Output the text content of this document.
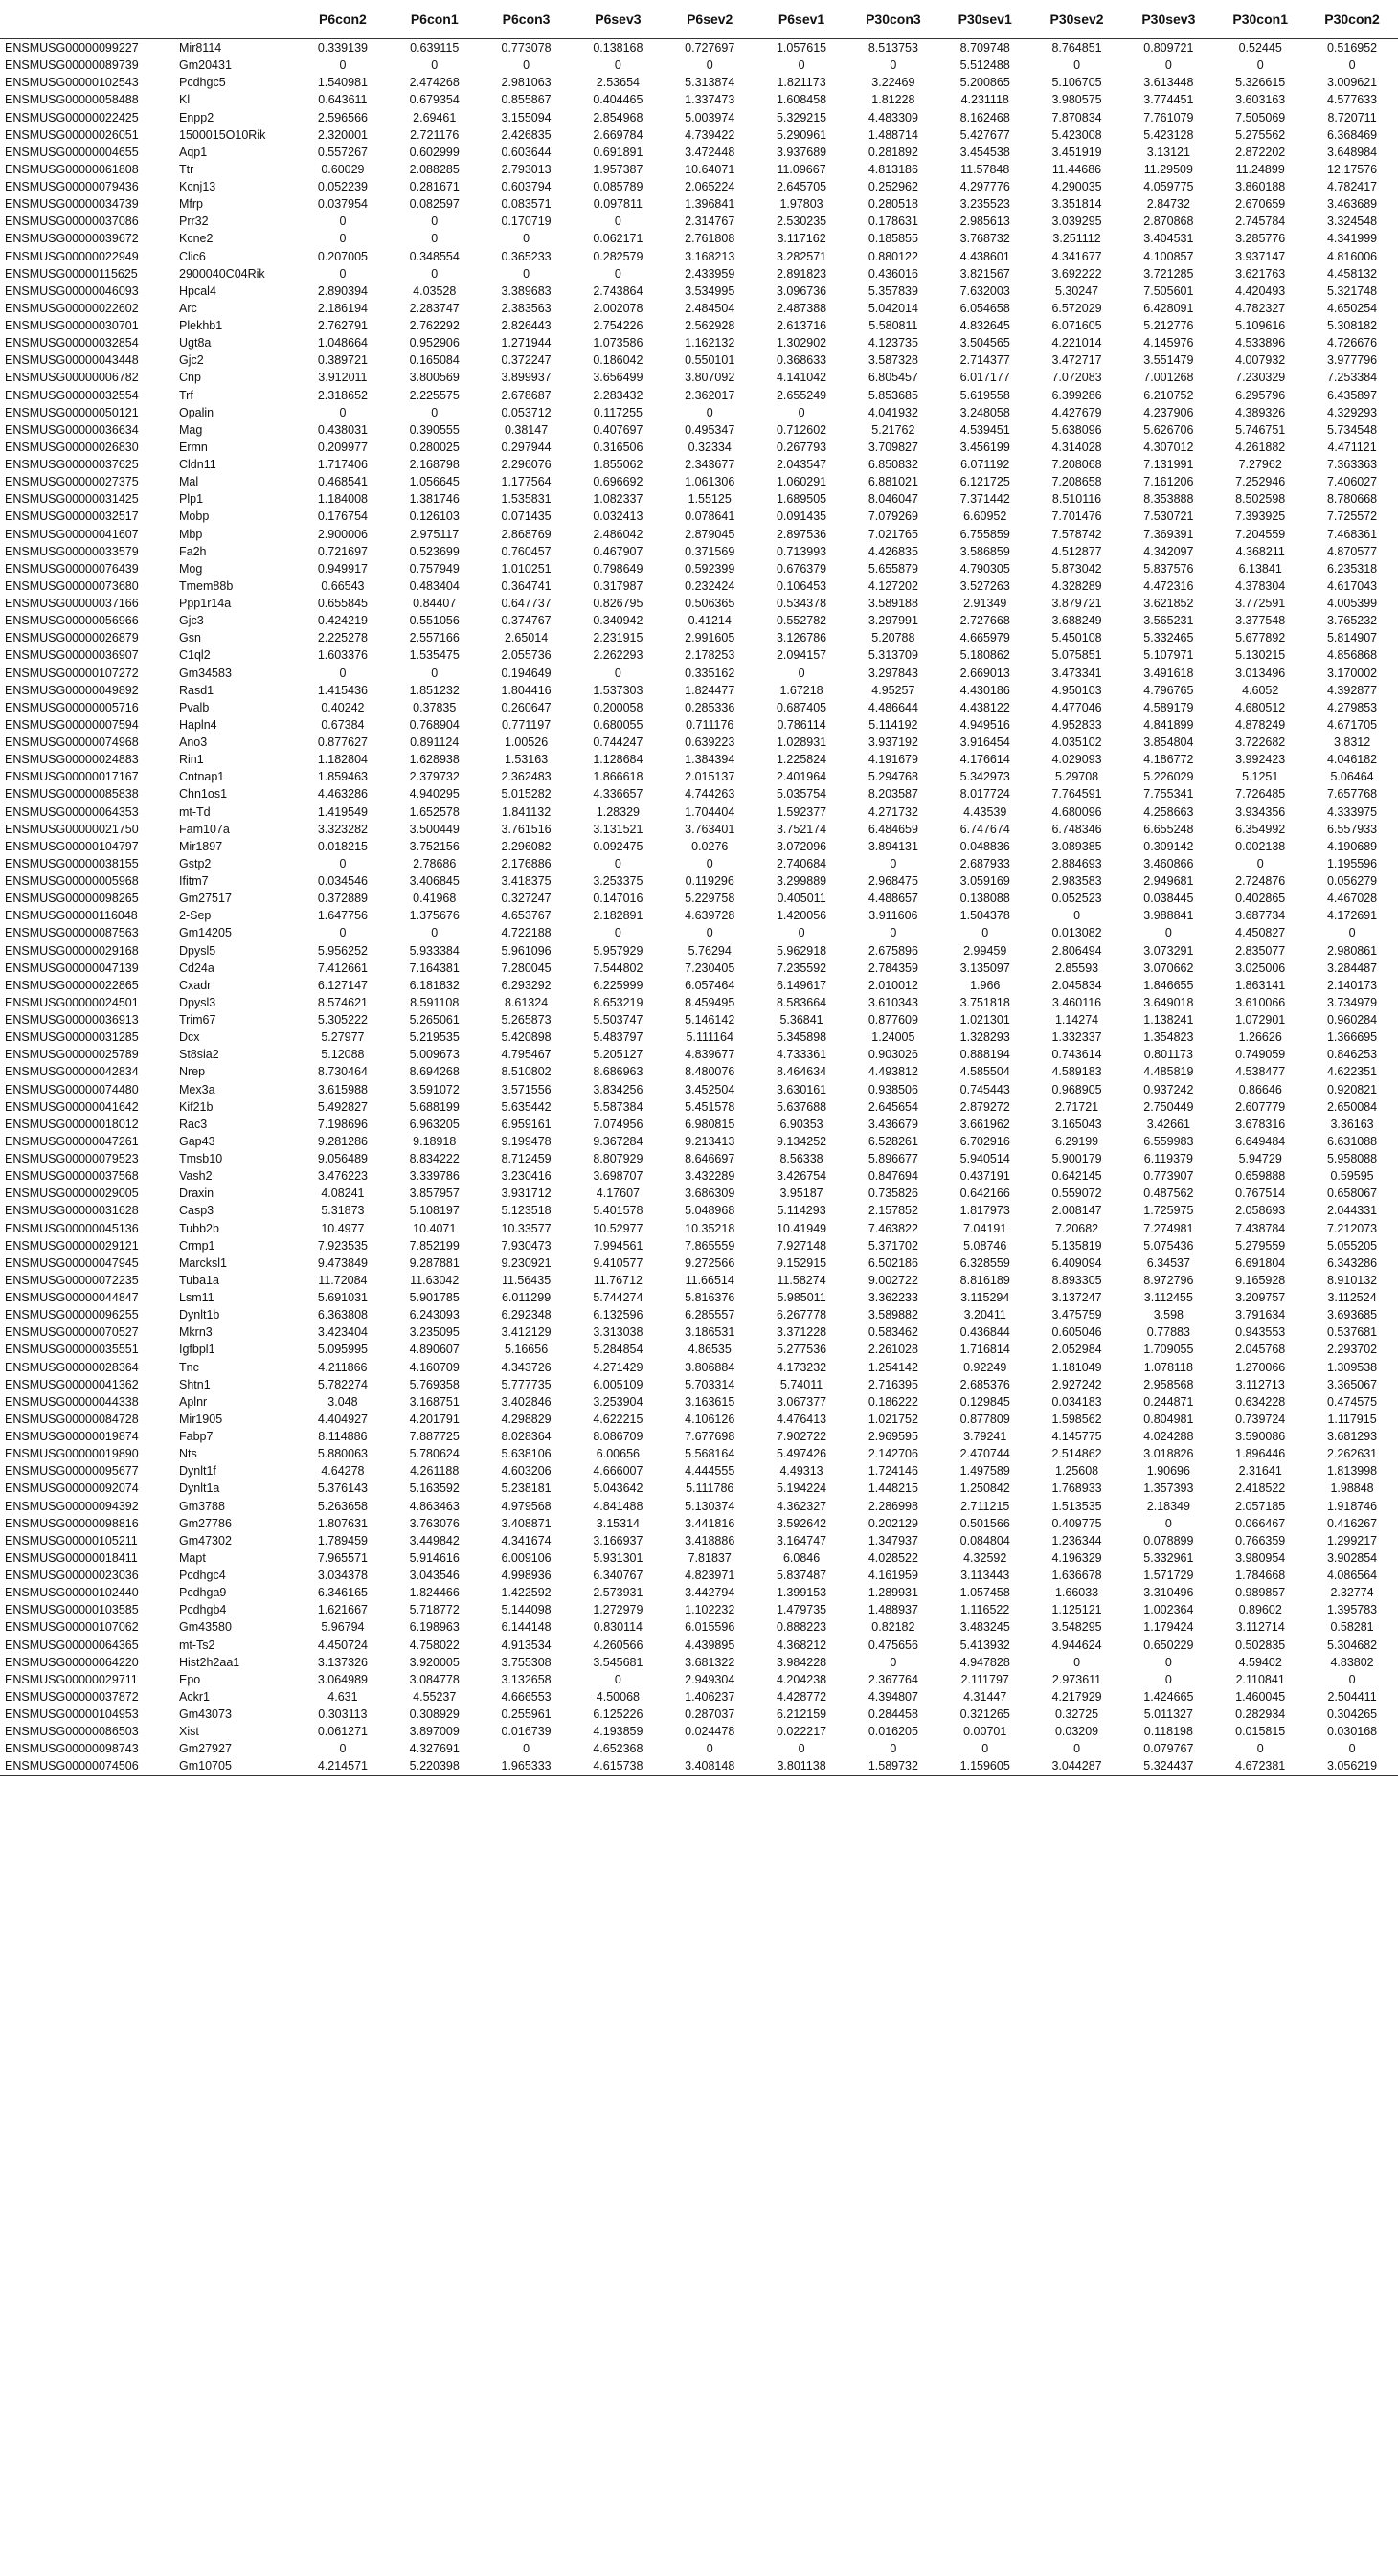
		P6con2	P6con1	P6con3	P6sev3	P6sev2	P6sev1	P30con3	P30sev1	P30sev2	P30sev3	P30con1	P30con2
ENSMUSG00000099227	Mir8114	0.339139	0.639115	0.773078	0.138168	0.727697	1.057615	8.513753	8.709748	8.764851	0.809721	0.52445	0.516952
ENSMUSG00000089739	Gm20431	0	0	0	0	0	0	0	5.512488	0	0	0	0
ENSMUSG00000102543	Pcdhgc5	1.540981	2.474268	2.981063	2.53654	5.313874	1.821173	3.22469	5.200865	5.106705	3.613448	5.326615	3.009621
ENSMUSG00000058488	Kl	0.643611	0.679354	0.855867	0.404465	1.337473	1.608458	1.81228	4.231118	3.980575	3.774451	3.603163	4.577633
ENSMUSG00000022425	Enpp2	2.596566	2.69461	3.155094	2.854968	5.003974	5.329215	4.483309	8.162468	7.870834	7.761079	7.505069	8.720711
ENSMUSG00000026051	1500015O10Rik	2.320001	2.721176	2.426835	2.669784	4.739422	5.290961	1.488714	5.427677	5.423008	5.423128	5.275562	6.368469
ENSMUSG00000004655	Aqp1	0.557267	0.602999	0.603644	0.691891	3.472448	3.937689	0.281892	3.454538	3.451919	3.13121	2.872202	3.648984
ENSMUSG00000061808	Ttr	0.60029	2.088285	2.793013	1.957387	10.64071	11.09667	4.813186	11.57848	11.44686	11.29509	11.24899	12.17576
ENSMUSG00000079436	Kcnj13	0.052239	0.281671	0.603794	0.085789	2.065224	2.645705	0.252962	4.297776	4.290035	4.059775	3.860188	4.782417
ENSMUSG00000034739	Mfrp	0.037954	0.082597	0.083571	0.097811	1.396841	1.97803	0.280518	3.235523	3.351814	2.84732	2.670659	3.463689
ENSMUSG00000037086	Prr32	0	0	0.170719	0	2.314767	2.530235	0.178631	2.985613	3.039295	2.870868	2.745784	3.324548
ENSMUSG00000039672	Kcne2	0	0	0	0.062171	2.761808	3.117162	0.185855	3.768732	3.251112	3.404531	3.285776	4.341999
ENSMUSG00000022949	Clic6	0.207005	0.348554	0.365233	0.282579	3.168213	3.282571	0.880122	4.438601	4.341677	4.100857	3.937147	4.816006
ENSMUSG00000115625	2900040C04Rik	0	0	0	0	2.433959	2.891823	0.436016	3.821567	3.692222	3.721285	3.621763	4.458132
ENSMUSG00000046093	Hpcal4	2.890394	4.03528	3.389683	2.743864	3.534995	3.096736	5.357839	7.632003	5.30247	7.505601	4.420493	5.321748
ENSMUSG00000022602	Arc	2.186194	2.283747	2.383563	2.002078	2.484504	2.487388	5.042014	6.054658	6.572029	6.428091	4.782327	4.650254
ENSMUSG00000030701	Plekhb1	2.762791	2.762292	2.826443	2.754226	2.562928	2.613716	5.580811	4.832645	6.071605	5.212776	5.109616	5.308182
ENSMUSG00000032854	Ugt8a	1.048664	0.952906	1.271944	1.073586	1.162132	1.302902	4.123735	3.504565	4.221014	4.145976	4.533896	4.726676
ENSMUSG00000043448	Gjc2	0.389721	0.165084	0.372247	0.186042	0.550101	0.368633	3.587328	2.714377	3.472717	3.551479	4.007932	3.977796
ENSMUSG00000006782	Cnp	3.912011	3.800569	3.899937	3.656499	3.807092	4.141042	6.805457	6.017177	7.072083	7.001268	7.230329	7.253384
ENSMUSG00000032554	Trf	2.318652	2.225575	2.678687	2.283432	2.362017	2.655249	5.853685	5.619558	6.399286	6.210752	6.295796	6.435897
ENSMUSG00000050121	Opalin	0	0	0.053712	0.117255	0	0	4.041932	3.248058	4.427679	4.237906	4.389326	4.329293
ENSMUSG00000036634	Mag	0.438031	0.390555	0.38147	0.407697	0.495347	0.712602	5.21762	4.539451	5.638096	5.626706	5.746751	5.734548
ENSMUSG00000026830	Ermn	0.209977	0.280025	0.297944	0.316506	0.32334	0.267793	3.709827	3.456199	4.314028	4.307012	4.261882	4.471121
ENSMUSG00000037625	Cldn11	1.717406	2.168798	2.296076	1.855062	2.343677	2.043547	6.850832	6.071192	7.208068	7.131991	7.27962	7.363363
ENSMUSG00000027375	Mal	0.468541	1.056645	1.177564	0.696692	1.061306	1.060291	6.881021	6.121725	7.208658	7.161206	7.252946	7.406027
ENSMUSG00000031425	Plp1	1.184008	1.381746	1.535831	1.082337	1.55125	1.689505	8.046047	7.371442	8.510116	8.353888	8.502598	8.780668
ENSMUSG00000032517	Mobp	0.176754	0.126103	0.071435	0.032413	0.078641	0.091435	7.079269	6.60952	7.701476	7.530721	7.393925	7.725572
ENSMUSG00000041607	Mbp	2.900006	2.975117	2.868769	2.486042	2.879045	2.897536	7.021765	6.755859	7.578742	7.369391	7.204559	7.468361
ENSMUSG00000033579	Fa2h	0.721697	0.523699	0.760457	0.467907	0.371569	0.713993	4.426835	3.586859	4.512877	4.342097	4.368211	4.870577
ENSMUSG00000076439	Mog	0.949917	0.757949	1.010251	0.798649	0.592399	0.676379	5.655879	4.790305	5.873042	5.837576	6.13841	6.235318
ENSMUSG00000073680	Tmem88b	0.66543	0.483404	0.364741	0.317987	0.232424	0.106453	4.127202	3.527263	4.328289	4.472316	4.378304	4.617043
ENSMUSG00000037166	Ppp1r14a	0.655845	0.84407	0.647737	0.826795	0.506365	0.534378	3.589188	2.91349	3.879721	3.621852	3.772591	4.005399
ENSMUSG00000056966	Gjc3	0.424219	0.551056	0.374767	0.340942	0.41214	0.552782	3.297991	2.727668	3.688249	3.565231	3.377548	3.765232
ENSMUSG00000026879	Gsn	2.225278	2.557166	2.65014	2.231915	2.991605	3.126786	5.20788	4.665979	5.450108	5.332465	5.677892	5.814907
ENSMUSG00000036907	C1ql2	1.603376	1.535475	2.055736	2.262293	2.178253	2.094157	5.313709	5.180862	5.075851	5.107971	5.130215	4.856868
ENSMUSG00000107272	Gm34583	0	0	0.194649	0	0.335162	0	3.297843	2.669013	3.473341	3.491618	3.013496	3.170002
ENSMUSG00000049892	Rasd1	1.415436	1.851232	1.804416	1.537303	1.824477	1.67218	4.95257	4.430186	4.950103	4.796765	4.6052	4.392877
ENSMUSG00000005716	Pvalb	0.40242	0.37835	0.260647	0.200058	0.285336	0.687405	4.486644	4.438122	4.477046	4.589179	4.680512	4.279853
ENSMUSG00000007594	Hapln4	0.67384	0.768904	0.771197	0.680055	0.711176	0.786114	5.114192	4.949516	4.952833	4.841899	4.878249	4.671705
ENSMUSG00000074968	Ano3	0.877627	0.891124	1.00526	0.744247	0.639223	1.028931	3.937192	3.916454	4.035102	3.854804	3.722682	3.8312
ENSMUSG00000024883	Rin1	1.182804	1.628938	1.53163	1.128684	1.384394	1.225824	4.191679	4.176614	4.029093	4.186772	3.992423	4.046182
ENSMUSG00000017167	Cntnap1	1.859463	2.379732	2.362483	1.866618	2.015137	2.401964	5.294768	5.342973	5.29708	5.226029	5.1251	5.06464
ENSMUSG00000085838	Chn1os1	4.463286	4.940295	5.015282	4.336657	4.744263	5.035754	8.203587	8.017724	7.764591	7.755341	7.726485	7.657768
ENSMUSG00000064353	mt-Td	1.419549	1.652578	1.841132	1.28329	1.704404	1.592377	4.271732	4.43539	4.680096	4.258663	3.934356	4.333975
ENSMUSG00000021750	Fam107a	3.323282	3.500449	3.761516	3.131521	3.763401	3.752174	6.484659	6.747674	6.748346	6.655248	6.354992	6.557933
ENSMUSG00000104797	Mir1897	0.018215	3.752156	2.296082	0.092475	0.0276	3.072096	3.894131	0.048836	3.089385	0.309142	0.002138	4.190689
ENSMUSG00000038155	Gstp2	0	2.78686	2.176886	0	0	2.740684	0	2.687933	2.884693	3.460866	0	1.195596
ENSMUSG00000005968	Ifitm7	0.034546	3.406845	3.418375	3.253375	0.119296	3.299889	2.968475	3.059169	2.983583	2.949681	2.724876	0.056279
ENSMUSG00000098265	Gm27517	0.372889	0.41968	0.327247	0.147016	5.229758	0.405011	4.488657	0.138088	0.052523	0.038445	0.402865	4.467028
ENSMUSG00000116048	2-Sep	1.647756	1.375676	4.653767	2.182891	4.639728	1.420056	3.911606	1.504378	0	3.988841	3.687734	4.172691
ENSMUSG00000087563	Gm14205	0	0	4.722188	0	0	0	0	0	0.013082	0	4.450827	0
ENSMUSG00000029168	Dpysl5	5.956252	5.933384	5.961096	5.957929	5.76294	5.962918	2.675896	2.99459	2.806494	3.073291	2.835077	2.980861
ENSMUSG00000047139	Cd24a	7.412661	7.164381	7.280045	7.544802	7.230405	7.235592	2.784359	3.135097	2.85593	3.070662	3.025006	3.284487
ENSMUSG00000022865	Cxadr	6.127147	6.181832	6.293292	6.225999	6.057464	6.149617	2.010012	1.966	2.045834	1.846655	1.863141	2.140173
ENSMUSG00000024501	Dpysl3	8.574621	8.591108	8.61324	8.653219	8.459495	8.583664	3.610343	3.751818	3.460116	3.649018	3.610066	3.734979
ENSMUSG00000036913	Trim67	5.305222	5.265061	5.265873	5.503747	5.146142	5.36841	0.877609	1.021301	1.14274	1.138241	1.072901	0.960284
ENSMUSG00000031285	Dcx	5.27977	5.219535	5.420898	5.483797	5.111164	5.345898	1.24005	1.328293	1.332337	1.354823	1.26626	1.366695
ENSMUSG00000025789	St8sia2	5.12088	5.009673	4.795467	5.205127	4.839677	4.733361	0.903026	0.888194	0.743614	0.801173	0.749059	0.846253
ENSMUSG00000042834	Nrep	8.730464	8.694268	8.510802	8.686963	8.480076	8.464634	4.493812	4.585504	4.589183	4.485819	4.538477	4.622351
ENSMUSG00000074480	Mex3a	3.615988	3.591072	3.571556	3.834256	3.452504	3.630161	0.938506	0.745443	0.968905	0.937242	0.86646	0.920821
ENSMUSG00000041642	Kif21b	5.492827	5.688199	5.635442	5.587384	5.451578	5.637688	2.645654	2.879272	2.71721	2.750449	2.607779	2.650084
ENSMUSG00000018012	Rac3	7.198696	6.963205	6.959161	7.074956	6.980815	6.90353	3.436679	3.661962	3.165043	3.42661	3.678316	3.36163
ENSMUSG00000047261	Gap43	9.281286	9.18918	9.199478	9.367284	9.213413	9.134252	6.528261	6.702916	6.29199	6.559983	6.649484	6.631088
ENSMUSG00000079523	Tmsb10	9.056489	8.834222	8.712459	8.807929	8.646697	8.56338	5.896677	5.940514	5.900179	6.119379	5.94729	5.958088
ENSMUSG00000037568	Vash2	3.476223	3.339786	3.230416	3.698707	3.432289	3.426754	0.847694	0.437191	0.642145	0.773907	0.659888	0.59595
ENSMUSG00000029005	Draxin	4.08241	3.857957	3.931712	4.17607	3.686309	3.95187	0.735826	0.642166	0.559072	0.487562	0.767514	0.658067
ENSMUSG00000031628	Casp3	5.31873	5.108197	5.123518	5.401578	5.048968	5.114293	2.157852	1.817973	2.008147	1.725975	2.058693	2.044331
ENSMUSG00000045136	Tubb2b	10.4977	10.4071	10.33577	10.52977	10.35218	10.41949	7.463822	7.04191	7.20682	7.274981	7.438784	7.212073
ENSMUSG00000029121	Crmp1	7.923535	7.852199	7.930473	7.994561	7.865559	7.927148	5.371702	5.08746	5.135819	5.075436	5.279559	5.055205
ENSMUSG00000047945	Marcksl1	9.473849	9.287881	9.230921	9.410577	9.272566	9.152915	6.502186	6.328559	6.409094	6.34537	6.691804	6.343286
ENSMUSG00000072235	Tuba1a	11.72084	11.63042	11.56435	11.76712	11.66514	11.58274	9.002722	8.816189	8.893305	8.972796	9.165928	8.910132
ENSMUSG00000044847	Lsm11	5.691031	5.901785	6.011299	5.744274	5.816376	5.985011	3.362233	3.115294	3.137247	3.112455	3.209757	3.112524
ENSMUSG00000096255	Dynlt1b	6.363808	6.243093	6.292348	6.132596	6.285557	6.267778	3.589882	3.20411	3.475759	3.598	3.791634	3.693685
ENSMUSG00000070527	Mkrn3	3.423404	3.235095	3.412129	3.313038	3.186531	3.371228	0.583462	0.436844	0.605046	0.77883	0.943553	0.537681
ENSMUSG00000035551	Igfbpl1	5.095995	4.890607	5.16656	5.284854	4.86535	5.277536	2.261028	1.716814	2.052984	1.709055	2.045768	2.293702
ENSMUSG00000028364	Tnc	4.211866	4.160709	4.343726	4.271429	3.806884	4.173232	1.254142	0.92249	1.181049	1.078118	1.270066	1.309538
ENSMUSG00000041362	Shtn1	5.782274	5.769358	5.777735	6.005109	5.703314	5.74011	2.716395	2.685376	2.927242	2.958568	3.112713	3.365067
ENSMUSG00000044338	Aplnr	3.048	3.168751	3.402846	3.253904	3.163615	3.067377	0.186222	0.129845	0.034183	0.244871	0.634228	0.474575
ENSMUSG00000084728	Mir1905	4.404927	4.201791	4.298829	4.622215	4.106126	4.476413	1.021752	0.877809	1.598562	0.804981	0.739724	1.117915
ENSMUSG00000019874	Fabp7	8.114886	7.887725	8.028364	8.086709	7.677698	7.902722	2.969595	3.79241	4.145775	4.024288	3.590086	3.681293
ENSMUSG00000019890	Nts	5.880063	5.780624	5.638106	6.00656	5.568164	5.497426	2.142706	2.470744	2.514862	3.018826	1.896446	2.262631
ENSMUSG00000095677	Dynlt1f	4.64278	4.261188	4.603206	4.666007	4.444555	4.49313	1.724146	1.497589	1.25608	1.90696	2.31641	1.813998
ENSMUSG00000092074	Dynlt1a	5.376143	5.163592	5.238181	5.043642	5.111786	5.194224	1.448215	1.250842	1.768933	1.357393	2.418522	1.98848
ENSMUSG00000094392	Gm3788	5.263658	4.863463	4.979568	4.841488	5.130374	4.362327	2.286998	2.711215	1.513535	2.18349	2.057185	1.918746
ENSMUSG00000098816	Gm27786	1.807631	3.763076	3.408871	3.15314	3.441816	3.592642	0.202129	0.501566	0.409775	0	0.066467	0.416267
ENSMUSG00000105211	Gm47302	1.789459	3.449842	4.341674	3.166937	3.418886	3.164747	1.347937	0.084804	1.236344	0.078899	0.766359	1.299217
ENSMUSG00000018411	Mapt	7.965571	5.914616	6.009106	5.931301	7.81837	6.0846	4.028522	4.32592	4.196329	5.332961	3.980954	3.902854
ENSMUSG00000023036	Pcdhgc4	3.034378	3.043546	4.998936	6.340767	4.823971	5.837487	4.161959	3.113443	1.636678	1.571729	1.784668	4.086564
ENSMUSG00000102440	Pcdhga9	6.346165	1.824466	1.422592	2.573931	3.442794	1.399153	1.289931	1.057458	1.66033	3.310496	0.989857	2.32774
ENSMUSG00000103585	Pcdhgb4	1.621667	5.718772	5.144098	1.272979	1.102232	1.479735	1.488937	1.116522	1.125121	1.002364	0.89602	1.395783
ENSMUSG00000107062	Gm43580	5.96794	6.198963	6.144148	0.830114	6.015596	0.888223	0.82182	3.483245	3.548295	1.179424	3.112714	0.58281
ENSMUSG00000064365	mt-Ts2	4.450724	4.758022	4.913534	4.260566	4.439895	4.368212	0.475656	5.413932	4.944624	0.650229	0.502835	5.304682
ENSMUSG00000064220	Hist2h2aa1	3.137326	3.920005	3.755308	3.545681	3.681322	3.984228	0	4.947828	0	0	4.59402	4.83802
ENSMUSG00000029711	Epo	3.064989	3.084778	3.132658	0	2.949304	4.204238	2.367764	2.111797	2.973611	0	2.110841	0
ENSMUSG00000037872	Ackr1	4.631	4.55237	4.666553	4.50068	1.406237	4.428772	4.394807	4.31447	4.217929	1.424665	1.460045	2.504411
ENSMUSG00000104953	Gm43073	0.303113	0.308929	0.255961	6.125226	0.287037	6.212159	0.284458	0.321265	0.32725	5.011327	0.282934	0.304265
ENSMUSG00000086503	Xist	0.061271	3.897009	0.016739	4.193859	0.024478	0.022217	0.016205	0.00701	0.03209	0.118198	0.015815	0.030168
ENSMUSG00000098743	Gm27927	0	4.327691	0	4.652368	0	0	0	0	0	0.079767	0	0
ENSMUSG00000074506	Gm10705	4.214571	5.220398	1.965333	4.615738	3.408148	3.801138	1.589732	1.159605	3.044287	5.324437	4.672381	3.056219
